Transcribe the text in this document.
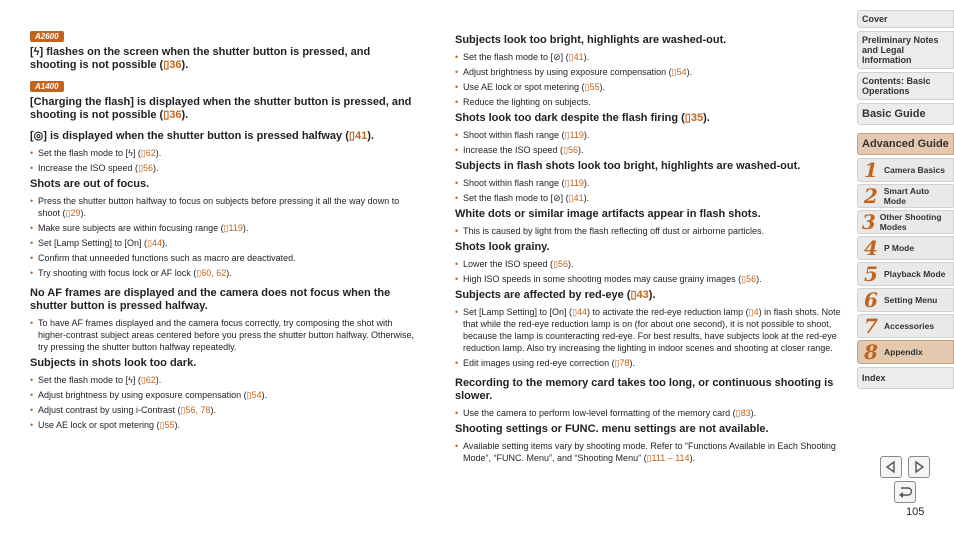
A2600
[ϟ] flashes on the screen when the shutter button is pressed, and shooting is not possible (▯36).
A1400
[Charging the flash] is displayed when the shutter button is pressed, and shooting is not possible (▯36).
[◎] is displayed when the shutter button is pressed halfway (▯41).
• Set the flash mode to [ϟ] (▯62).
• Increase the ISO speed (▯56).
Shots are out of focus.
• Press the shutter button halfway to focus on subjects before pressing it all the way down to shoot (▯29).
• Make sure subjects are within focusing range (▯119).
• Set [Lamp Setting] to [On] (▯44).
• Confirm that unneeded functions such as macro are deactivated.
• Try shooting with focus lock or AF lock (▯60, 62).
No AF frames are displayed and the camera does not focus when the shutter button is pressed halfway.
• To have AF frames displayed and the camera focus correctly, try composing the shot with higher-contrast subject areas centered before you press the shutter button halfway. Otherwise, try pressing the shutter button halfway repeatedly.
Subjects in shots look too dark.
• Set the flash mode to [ϟ] (▯62).
• Adjust brightness by using exposure compensation (▯54).
• Adjust contrast by using i-Contrast (▯56, 78).
• Use AE lock or spot metering (▯55).
Subjects look too bright, highlights are washed-out.
• Set the flash mode to [⊘] (▯41).
• Adjust brightness by using exposure compensation (▯54).
• Use AE lock or spot metering (▯55).
• Reduce the lighting on subjects.
Shots look too dark despite the flash firing (▯35).
• Shoot within flash range (▯119).
• Increase the ISO speed (▯56).
Subjects in flash shots look too bright, highlights are washed-out.
• Shoot within flash range (▯119).
• Set the flash mode to [⊘] (▯41).
White dots or similar image artifacts appear in flash shots.
• This is caused by light from the flash reflecting off dust or airborne particles.
Shots look grainy.
• Lower the ISO speed (▯56).
• High ISO speeds in some shooting modes may cause grainy images (▯56).
Subjects are affected by red-eye (▯43).
• Set [Lamp Setting] to [On] (▯44) to activate the red-eye reduction lamp (▯4) in flash shots. Note that while the red-eye reduction lamp is on (for about one second), it is not possible to shoot, because the lamp is counteracting red-eye. For best results, have subjects look at the red-eye reduction lamp. Also try increasing the lighting in indoor scenes and shooting at closer range.
• Edit images using red-eye correction (▯78).
Recording to the memory card takes too long, or continuous shooting is slower.
• Use the camera to perform low-level formatting of the memory card (▯83).
Shooting settings or FUNC. menu settings are not available.
• Available setting items vary by shooting mode. Refer to “Functions Available in Each Shooting Mode”, “FUNC. Menu”, and “Shooting Menu” (▯111 – 114).
Cover
Preliminary Notes and Legal Information
Contents: Basic Operations
Basic Guide
Advanced Guide
1 Camera Basics
2 Smart Auto Mode
3 Other Shooting Modes
4 P Mode
5 Playback Mode
6 Setting Menu
7 Accessories
8 Appendix
Index
105
